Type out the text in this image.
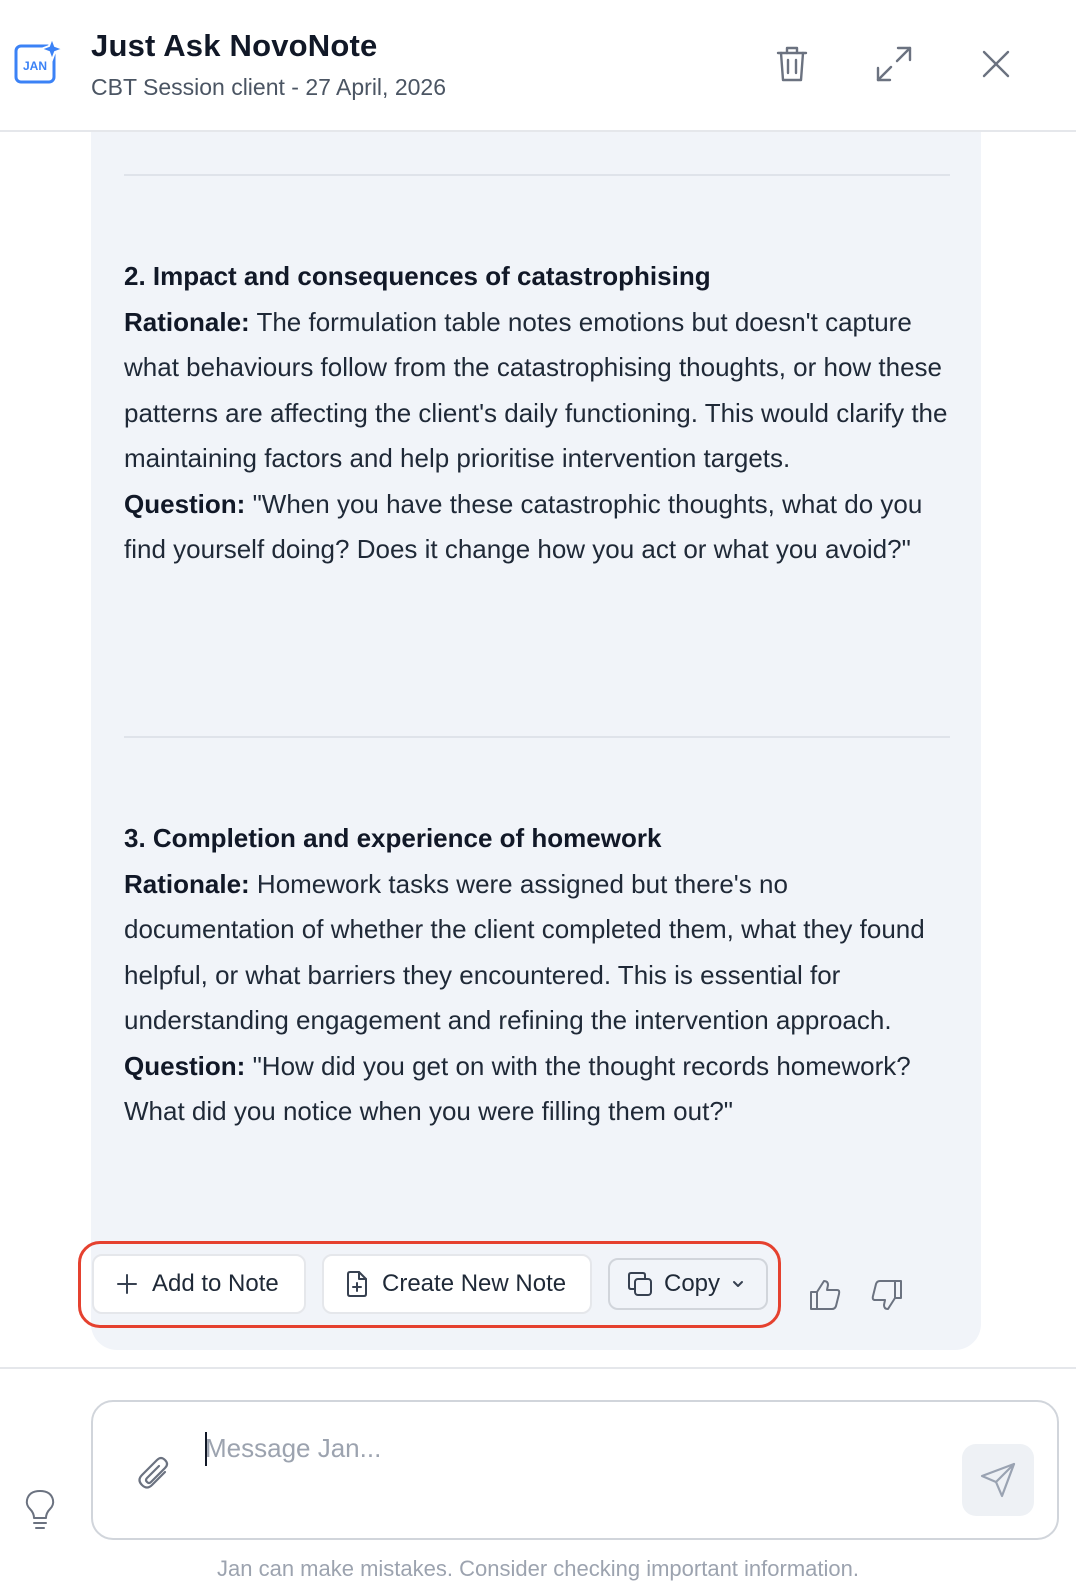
JAN
Just Ask NovoNote
CBT Session client - 27 April, 2026
2. Impact and consequences of catastrophising
Rationale: The formulation table notes emotions but doesn't capture what behaviours follow from the catastrophising thoughts, or how these patterns are affecting the client's daily functioning. This would clarify the maintaining factors and help prioritise intervention targets.
Question: "When you have these catastrophic thoughts, what do you find yourself doing? Does it change how you act or what you avoid?"
3. Completion and experience of homework
Rationale: Homework tasks were assigned but there's no documentation of whether the client completed them, what they found helpful, or what barriers they encountered. This is essential for understanding engagement and refining the intervention approach.
Question: "How did you get on with the thought records homework? What did you notice when you were filling them out?"
Add to Note	Create New Note	Copy
Message Jan...
Jan can make mistakes. Consider checking important information.
